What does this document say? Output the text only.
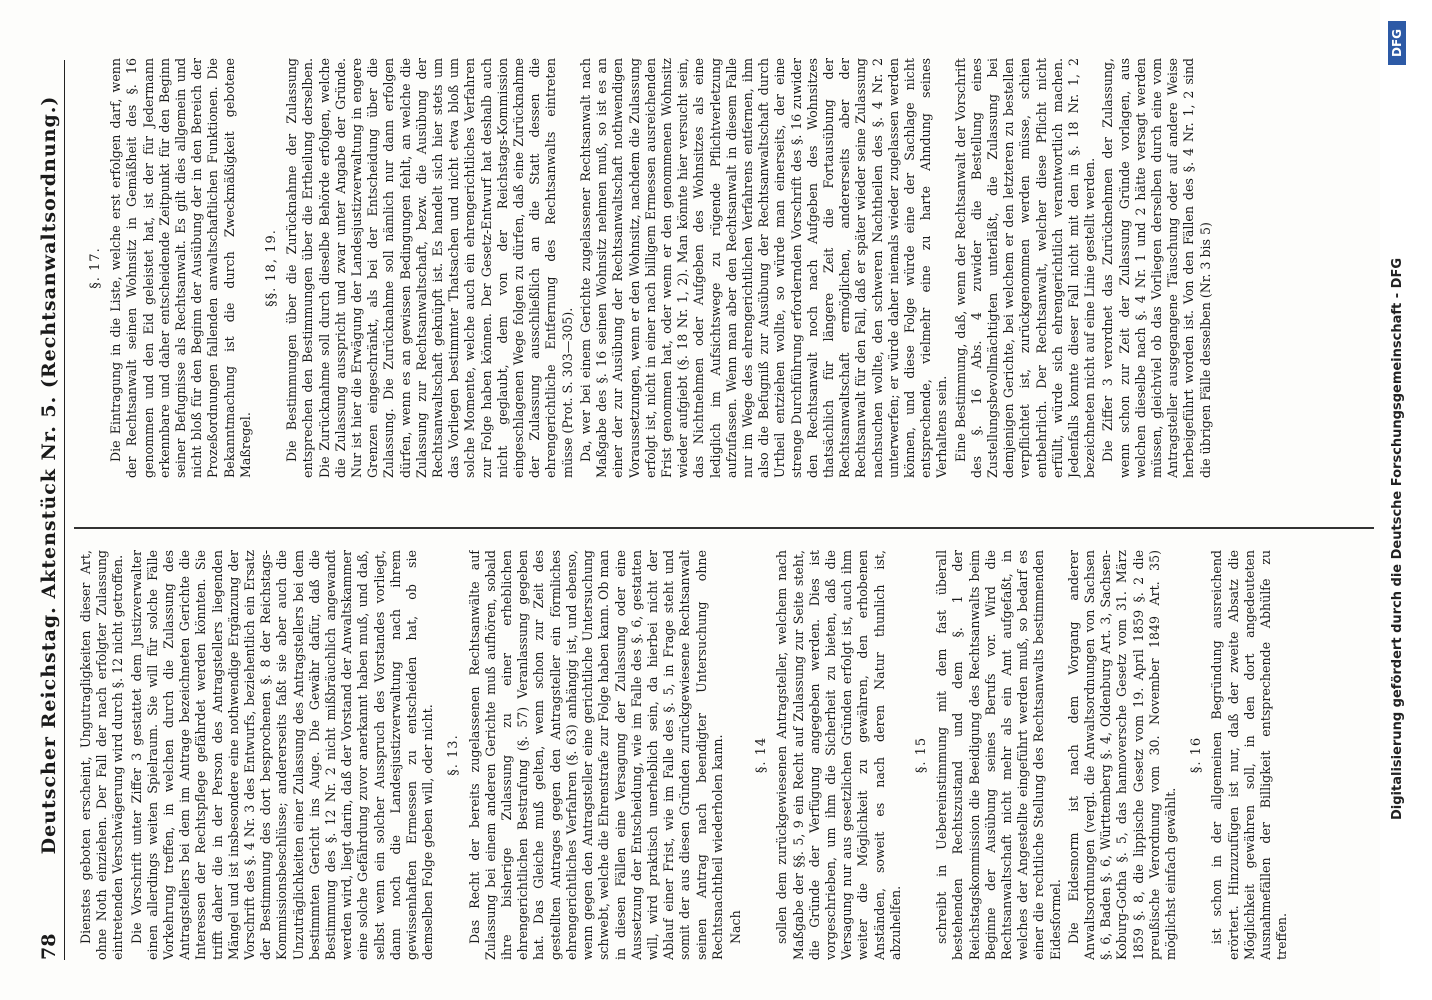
78
Deutscher Reichstag. Aktenstück Nr. 5. (Rechtsanwaltsordnung.) Dienstes geboten erscheint, Ungutragligkeiten dieser Art, ohne Noth einziehen. Der Fall der nach erfolgter Zulassung eintretenden Verschwägerung wird durch §. 12 nicht getroffen. Die Vorschrift unter Ziffer 3 gestattet dem Justizverwalter einen allerdings weiten Spielraum. Sie will für solche Fälle Vorkehrung treffen, in welchen durch die Zulassung des Antragstellers bei dem im Antrage bezeichneten Gerichte die Interessen der Rechtspflege gefährdet werden könnten. Sie trifft daher die in der Person des Antragstellers liegenden Mängel und ist insbesondere eine nothwendige Ergänzung der Vorschrift des §. 4 Nr. 3 des Entwurfs, beziehentlich ein Ersatz der Bestimmung des dort besprochenen §. 8 der Reichstags-Kommissionsbeschlüsse; andererseits faßt sie aber auch die Unzuträglichkeiten einer Zulassung des Antragstellers bei dem bestimmten Gericht ins Auge. Die Gewähr dafür, daß die Bestimmung des §. 12 Nr. 2 nicht mißbräuchlich angewandt werden wird, liegt darin, daß der Vorstand der Anwaltskammer eine solche Gefährdung zuvor anerkannt haben muß, und daß, selbst wenn ein solcher Ausspruch des Vorstandes vorliegt, dann noch die Landesjustizverwaltung nach ihrem gewissenhaften Ermessen zu entscheiden hat, ob sie demselben Folge geben will, oder nicht. §. 13. Das Recht der bereits zugelassenen Rechtsanwälte auf Zulassung bei einem anderen Gerichte muß aufhören, sobald ihre bisherige Zulassung zu einer erheblichen ehrengerichtlichen Bestrafung (§. 57) Veranlassung gegeben hat. Das Gleiche muß gelten, wenn schon zur Zeit des gestellten Antrages gegen den Antragsteller ein förmliches ehrengerichtliches Verfahren (§. 63) anhängig ist, und ebenso, wenn gegen den Antragsteller eine gerichtliche Untersuchung schwebt, welche die Ehrenstrafe zur Folge haben kann. Ob man in diesen Fällen eine Versagung der Zulassung oder eine Aussetzung der Entscheidung, wie im Falle des §. 6, gestatten will, wird praktisch unerheblich sein, da hierbei nicht der Ablauf einer Frist, wie im Falle des §. 5, in Frage steht und somit der aus diesen Gründen zurückgewiesene Rechtsanwalt seinen Antrag nach beendigter Untersuchung ohne Rechtsnachtheil wiederholen kann. Nach
§. 14 sollen dem zurückgewiesenen Antragsteller, welchem nach Maßgabe der §§. 5, 9 ein Recht auf Zulassung zur Seite steht, die Gründe der Verfügung angegeben werden. Dies ist vorgeschrieben, um ihm die Sicherheit zu bieten, daß die Versagung nur aus gesetzlichen Gründen erfolgt ist, auch ihm weiter die Möglichkeit zu gewähren, den erhobenen Anständen, soweit es nach deren Natur thunlich ist, abzuhelfen.
§. 15 schreibt in Uebereinstimmung mit dem fast überall bestehenden Rechtszustand und dem §. 1 der Reichstagskommission die Beeidigung des Rechtsanwalts beim Beginne der Ausübung seines Berufs vor. Wird die Rechtsanwaltschaft nicht mehr als ein Amt aufgefaßt, in welches der Angestellte eingeführt werden muß, so bedarf es einer die rechtliche Stellung des Rechtsanwalts bestimmenden Eidesformel. Die Eidesnorm ist nach dem Vorgang anderer Anwaltsordnungen (vergl. die Anwaltsordnungen von Sachsen §. 6, Baden §. 6, Württemberg §. 4, Oldenburg Art. 3, Sachsen-Koburg-Gotha §. 5, das hannoversche Gesetz vom 31. März 1859 §. 8, die lippische Gesetz vom 19. April 1859 §. 2 die preußische Verordnung vom 30. November 1849 Art. 35) möglichst einfach gewählt.
§. 16 ist schon in der allgemeinen Begründung ausreichend erörtert. Hinzuzufügen ist nur, daß der zweite Absatz die Möglichkeit gewähren soll, in den dort angedeuteten Ausnahmefällen der Billigkeit entsprechende Abhülfe zu treffen.
§. 17. Die Eintragung in die Liste, welche erst erfolgen darf, wenn der Rechtsanwalt seinen Wohnsitz in Gemäßheit des §. 16 genommen und den Eid geleistet hat, ist der für Jedermann erkennbare und daher entscheidende Zeitpunkt für den Beginn seiner Befugnisse als Rechtsanwalt. Es gilt dies allgemein und nicht bloß für den Beginn der Ausübung der in den Bereich der Prozeßordnungen fallenden anwaltschaftlichen Funktionen. Die Bekanntmachung ist die durch Zweckmäßigkeit gebotene Maßregel.
§§. 18, 19. Die Bestimmungen über die Zurücknahme der Zulassung entsprechen den Bestimmungen über die Ertheilung derselben. Die Zurücknahme soll durch dieselbe Behörde erfolgen, welche die Zulassung ausspricht und zwar unter Angabe der Gründe. Nur ist hier die Erwägung der Landesjustizverwaltung in engere Grenzen eingeschränkt, als bei der Entscheidung über die Zulassung. Die Zurücknahme soll nämlich nur dann erfolgen dürfen, wenn es an gewissen Bedingungen fehlt, an welche die Zulassung zur Rechtsanwaltschaft, bezw. die Ausübung der Rechtsanwaltschaft geknüpft ist. Es handelt sich hier stets um das Vorliegen bestimmter Thatsachen und nicht etwa bloß um solche Momente, welche auch ein ehrengerichtliches Verfahren zur Folge haben können. Der Gesetz-Entwurf hat deshalb auch nicht geglaubt, dem von der Reichstags-Kommission eingeschlagenen Wege folgen zu dürfen, daß eine Zurücknahme der Zulassung ausschließlich an die Statt dessen die ehrengerichtliche Entfernung des Rechtsanwalts eintreten müsse (Prot. S. 303—305). Da, wer bei einem Gerichte zugelassener Rechtsanwalt nach Maßgabe des §. 16 seinen Wohnsitz nehmen muß, so ist es an einer der zur Ausübung der Rechtsanwaltschaft nothwendigen Voraussetzungen, wenn er den Wohnsitz, nachdem die Zulassung erfolgt ist, nicht in einer nach billigem Ermessen ausreichenden Frist genommen hat, oder wenn er den genommenen Wohnsitz wieder aufgiebt (§. 18 Nr. 1, 2). Man könnte hier versucht sein, das Nichtnehmen oder Aufgeben des Wohnsitzes als eine lediglich im Aufsichtswege zu rügende Pflichtverletzung aufzufassen. Wenn man aber den Rechtsanwalt in diesem Falle nur im Wege des ehrengerichtlichen Verfahrens entfernen, ihm also die Befugniß zur Ausübung der Rechtsanwaltschaft durch Urtheil entziehen wollte, so würde man einerseits, der eine strenge Durchführung erfordernden Vorschrift des §. 16 zuwider den Rechtsanwalt noch nach Aufgeben des Wohnsitzes thatsächlich für längere Zeit die Fortausübung der Rechtsanwaltschaft ermöglichen, andererseits aber der Rechtsanwalt für den Fall, daß er später wieder seine Zulassung nachsuchen wollte, den schweren Nachtheilen des §. 4 Nr. 2 unterwerfen; er würde daher niemals wieder zugelassen werden können, und diese Folge würde eine der Sachlage nicht entsprechende, vielmehr eine zu harte Ahndung seines Verhaltens sein. Eine Bestimmung, daß, wenn der Rechtsanwalt der Vorschrift des §. 16 Abs. 4 zuwider die Bestellung eines Zustellungsbevollmächtigten unterläßt, die Zulassung bei demjenigen Gerichte, bei welchem er den letzteren zu bestellen verpflichtet ist, zurückgenommen werden müsse, schien entbehrlich. Der Rechtsanwalt, welcher diese Pflicht nicht erfüllt, würde sich ehrengerichtlich verantwortlich machen. Jedenfalls konnte dieser Fall nicht mit den in §. 18 Nr. 1, 2 bezeichneten nicht auf eine Linie gestellt werden. Die Ziffer 3 verordnet das Zurücknehmen der Zulassung, wenn schon zur Zeit der Zulassung Gründe vorlagen, aus welchen dieselbe nach §. 4 Nr. 1 und 2 hätte versagt werden müssen, gleichviel ob das Vorliegen derselben durch eine vom Antragsteller ausgegangene Täuschung oder auf andere Weise herbeigeführt worden ist. Von den Fällen des §. 4 Nr. 1, 2 sind die übrigen Fälle desselben (Nr. 3 bis 5)	Digitalisierung gefördert durch die Deutsche Forschungsgemeinschaft - DFG
DFG
